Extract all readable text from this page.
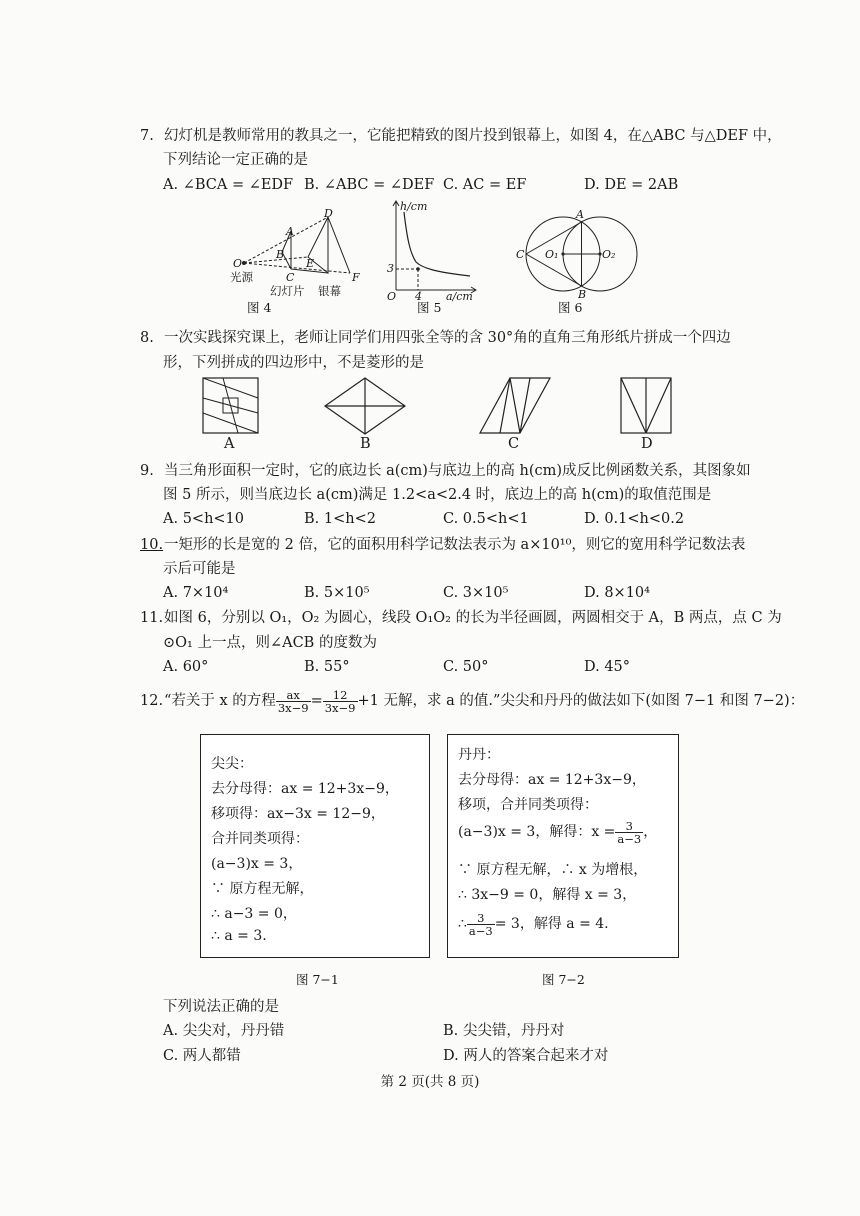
7. 幻灯机是教师常用的教具之一，它能把精致的图片投到银幕上，如图 4，在△ABC 与△DEF 中，
下列结论一定正确的是
A. ∠BCA = ∠EDF B. ∠ABC = ∠DEF C. AC = EF	D. DE = 2AB
O
A
B
C
D
E
F
光源
幻灯片 银幕
图 4
h/cm
a/cm
O
3
4
图 5
A
B
C O₁	O₂
图 6
8. 一次实践探究课上，老师让同学们用四张全等的含 30°角的直角三角形纸片拼成一个四边
形，下列拼成的四边形中，不是菱形的是
A	B	C	D
9. 当三角形面积一定时，它的底边长 a(cm)与底边上的高 h(cm)成反比例函数关系，其图象如
图 5 所示，则当底边长 a(cm)满足 1.2<a<2.4 时，底边上的高 h(cm)的取值范围是
A. 5<h<10	B. 1<h<2	C. 0.5<h<1	D. 0.1<h<0.2
10.一矩形的长是宽的 2 倍，它的面积用科学记数法表示为 a×10¹⁰，则它的宽用科学记数法表
示后可能是
A. 7×10⁴	B. 5×10⁵	C. 3×10⁵	D. 8×10⁴
11.如图 6，分别以 O₁，O₂ 为圆心，线段 O₁O₂ 的长为半径画圆，两圆相交于 A，B 两点，点 C 为
⊙O₁ 上一点，则∠ACB 的度数为
A. 60°	B. 55°	C. 50°	D. 45°
12.“若关于 x 的方程 $\frac{ax}{3x-9} = \frac{12}{3x-9} +1$ 无解，求 a 的值.”尖尖和丹丹的做法如下(如图 7−1 和图 7−2)：
尖尖：
去分母得：ax = 12+3x−9，
移项得：ax−3x = 12−9，
合并同类项得：
(a−3)x = 3，
∵ 原方程无解，
∴ a−3 = 0，
∴ a = 3.
图 7−1
丹丹：
去分母得：ax = 12+3x−9，
移项，合并同类项得：
(a−3)x = 3，解得：$x = \frac{3}{a-3}$ ，
∵ 原方程无解，∴ x 为增根，
∴ 3x−9 = 0，解得 x = 3，
∴ $\frac{3}{a-3} = 3$，解得 a = 4.
图 7−2
下列说法正确的是
A. 尖尖对，丹丹错	B. 尖尖错，丹丹对
C. 两人都错	D. 两人的答案合起来才对
第 2 页(共 8 页)
